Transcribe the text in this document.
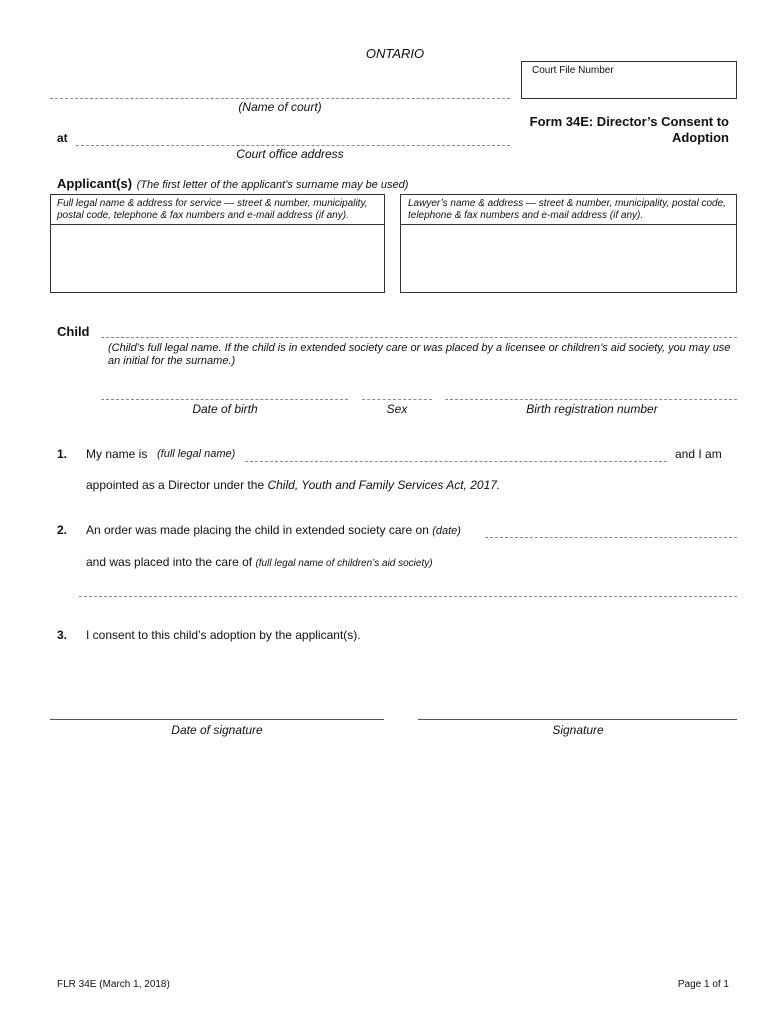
ONTARIO
Court File Number
(Name of court)
at
Court office address
Form 34E: Director’s Consent to
Adoption
Applicant(s) (The first letter of the applicant’s surname may be used)
Full legal name & address for service — street & number, municipality, postal code, telephone & fax numbers and e-mail address (if any).
Lawyer’s name & address — street & number, municipality, postal code, telephone & fax numbers and e-mail address (if any).
Child
(Child’s full legal name. If the child is in extended society care or was placed by a licensee or children’s aid society, you may use an initial for the surname.)
Date of birth	Sex	Birth registration number
1. My name is (full legal name)	and I am
appointed as a Director under the Child, Youth and Family Services Act, 2017.
2. An order was made placing the child in extended society care on (date)
and was placed into the care of (full legal name of children’s aid society)
3. I consent to this child’s adoption by the applicant(s).
Date of signature	Signature
FLR 34E (March 1, 2018)	Page 1 of 1
